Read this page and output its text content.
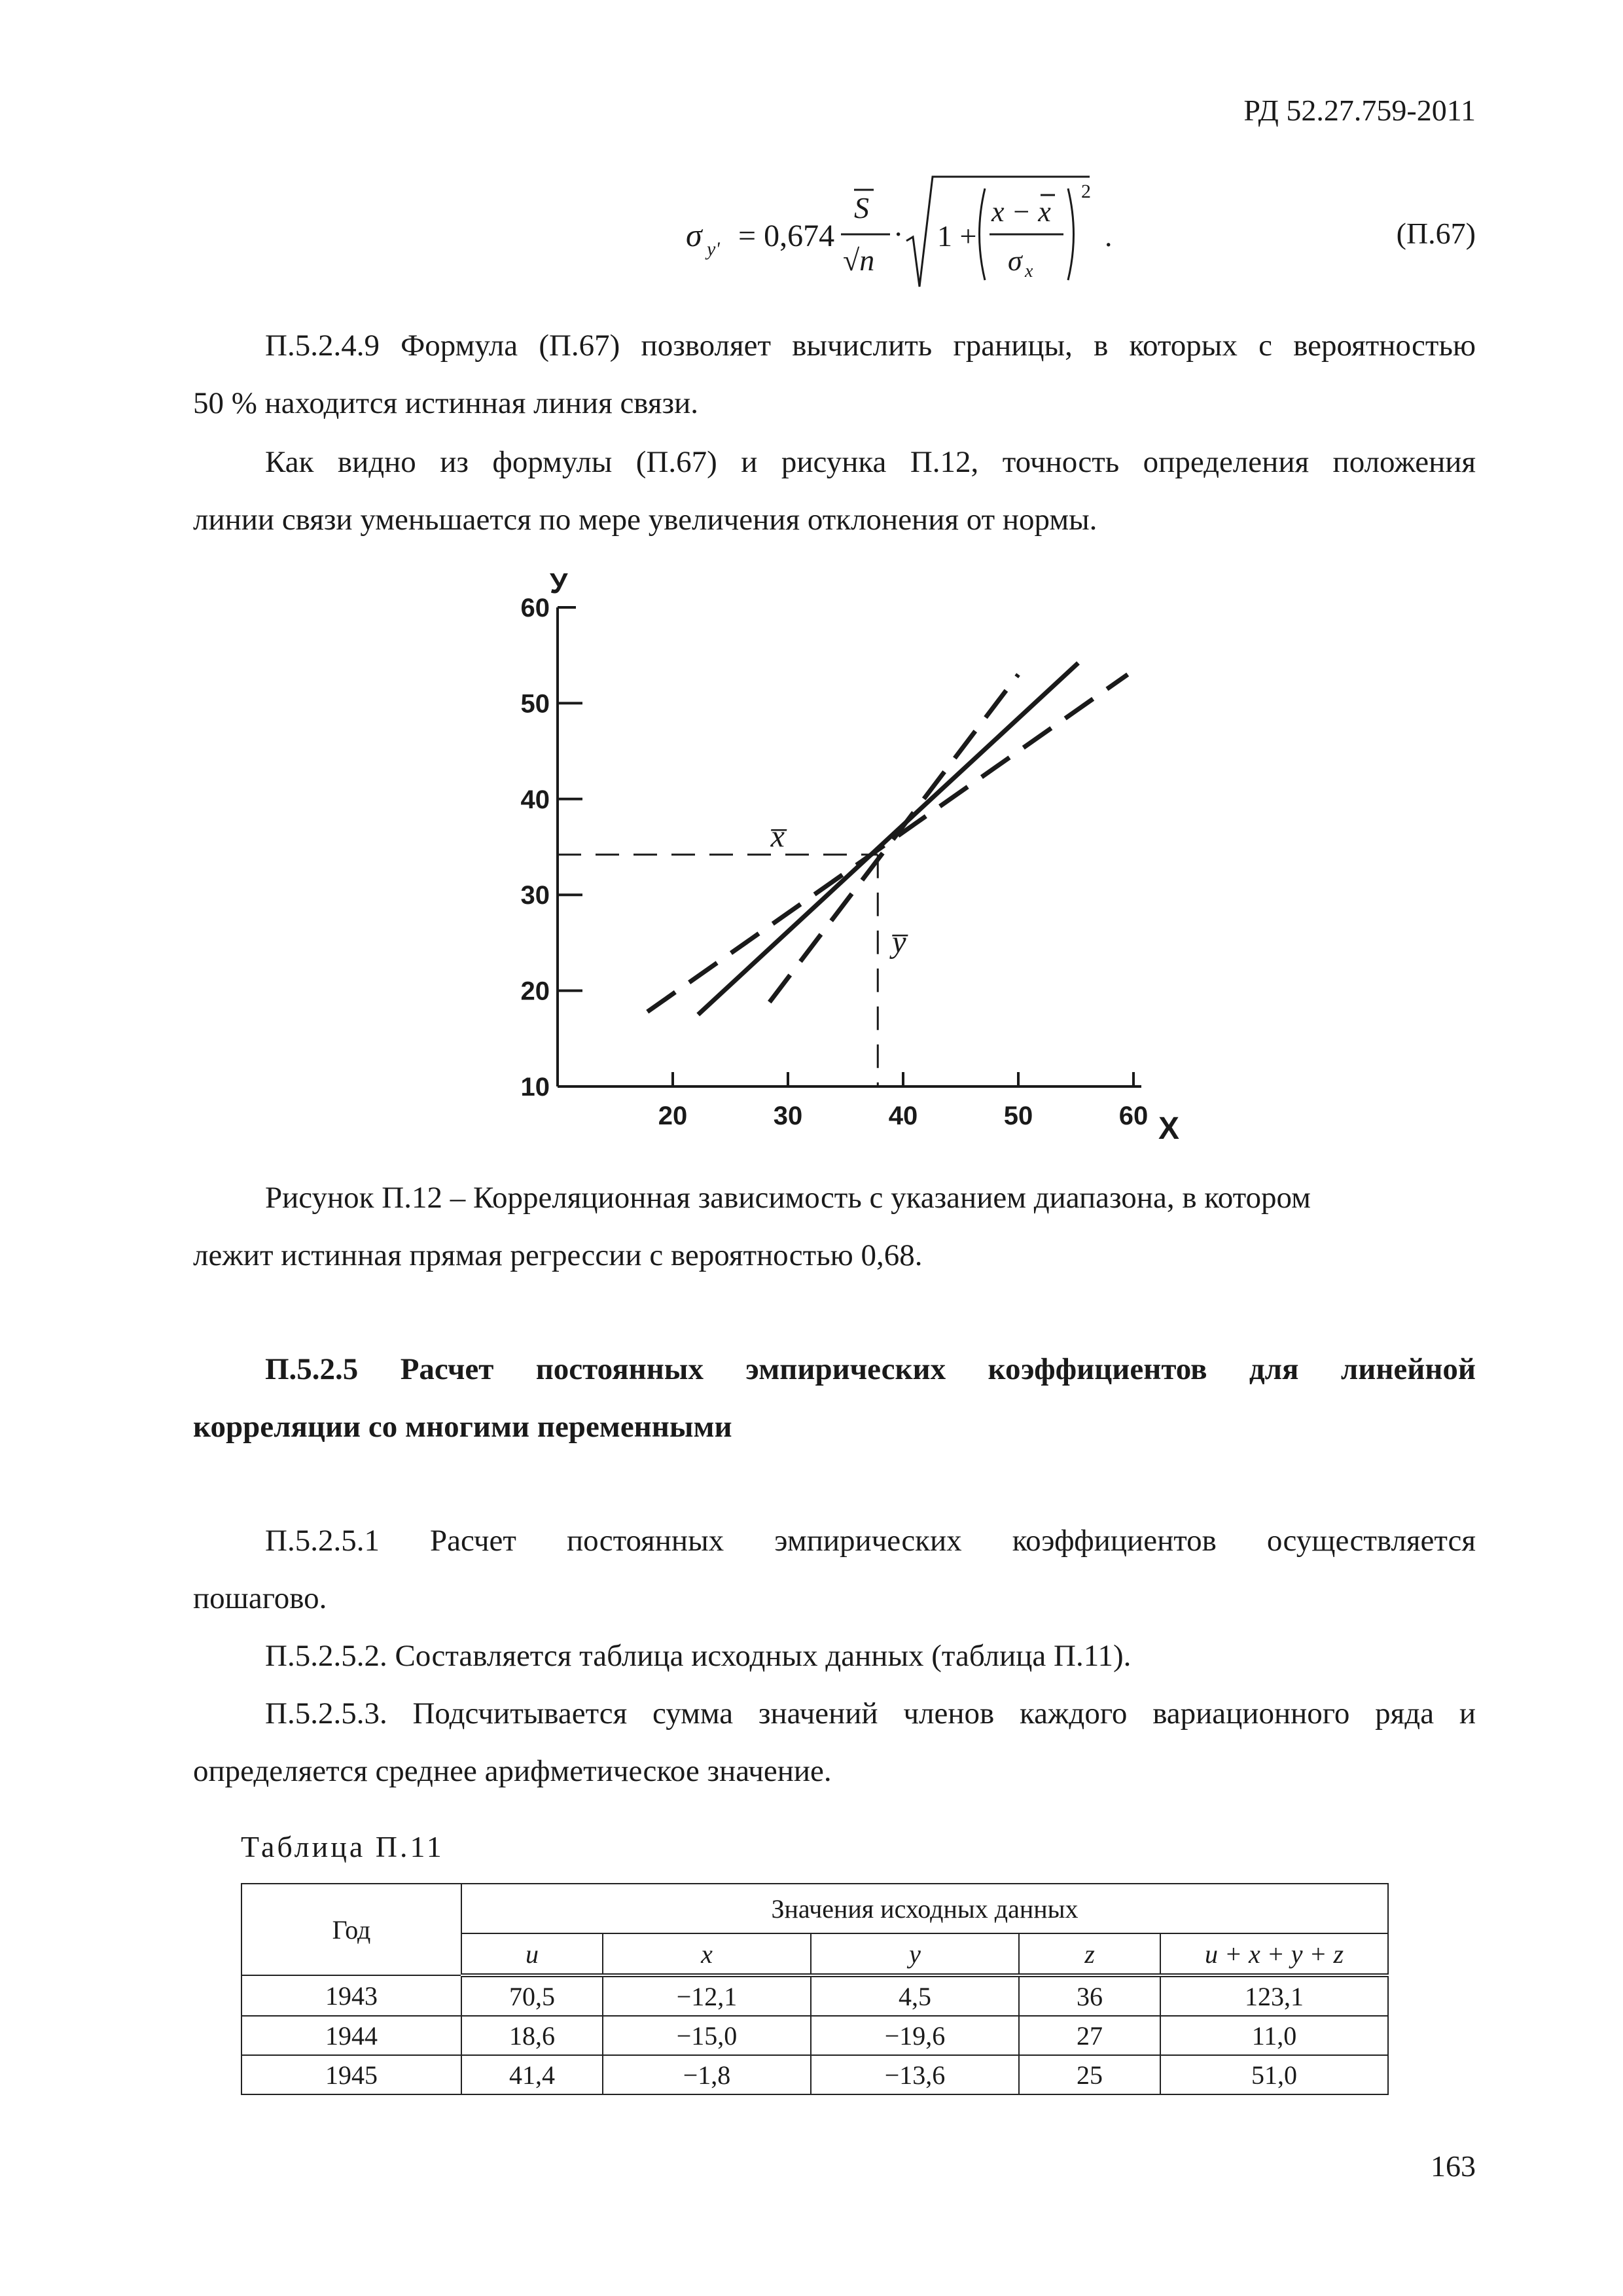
РД 52.27.759-2011
σ y' = 0,674
S
√n
· 1 +
x − x
σ x
2
.	(П.67)
П.5.2.4.9 Формула (П.67) позволяет вычислить границы, в которых с вероятностью
50 % находится истинная линия связи.
Как видно из формулы (П.67) и рисунка П.12, точность определения положения
линии связи уменьшается по мере увеличения отклонения от нормы.
У
Х
10
20
30
40
50
60
20	30	40	50	60
x̅
y̅
Рисунок П.12 – Корреляционная зависимость с указанием диапазона, в котором
лежит истинная прямая регрессии с вероятностью 0,68.
П.5.2.5 Расчет постоянных эмпирических коэффициентов для линейной
корреляции со многими переменными
П.5.2.5.1 Расчет постоянных эмпирических коэффициентов осуществляется
пошагово.
П.5.2.5.2. Составляется таблица исходных данных (таблица П.11).
П.5.2.5.3. Подсчитывается сумма значений членов каждого вариационного ряда и
определяется среднее арифметическое значение.
Таблица П.11
Год	Значения исходных данных				
	u	x	y	z	u + x + y + z
1943	70,5	−12,1	4,5	36	123,1
1944	18,6	−15,0	−19,6	27	11,0
1945	41,4	−1,8	−13,6	25	51,0
163
